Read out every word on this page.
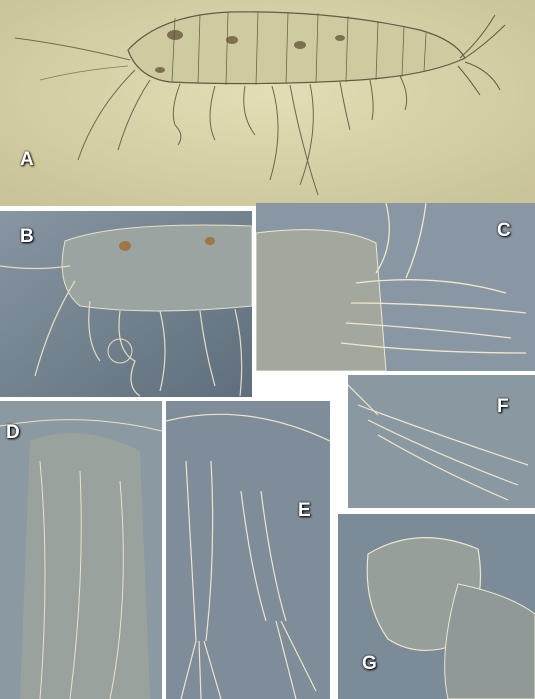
A
B	C
D
E
F
G
